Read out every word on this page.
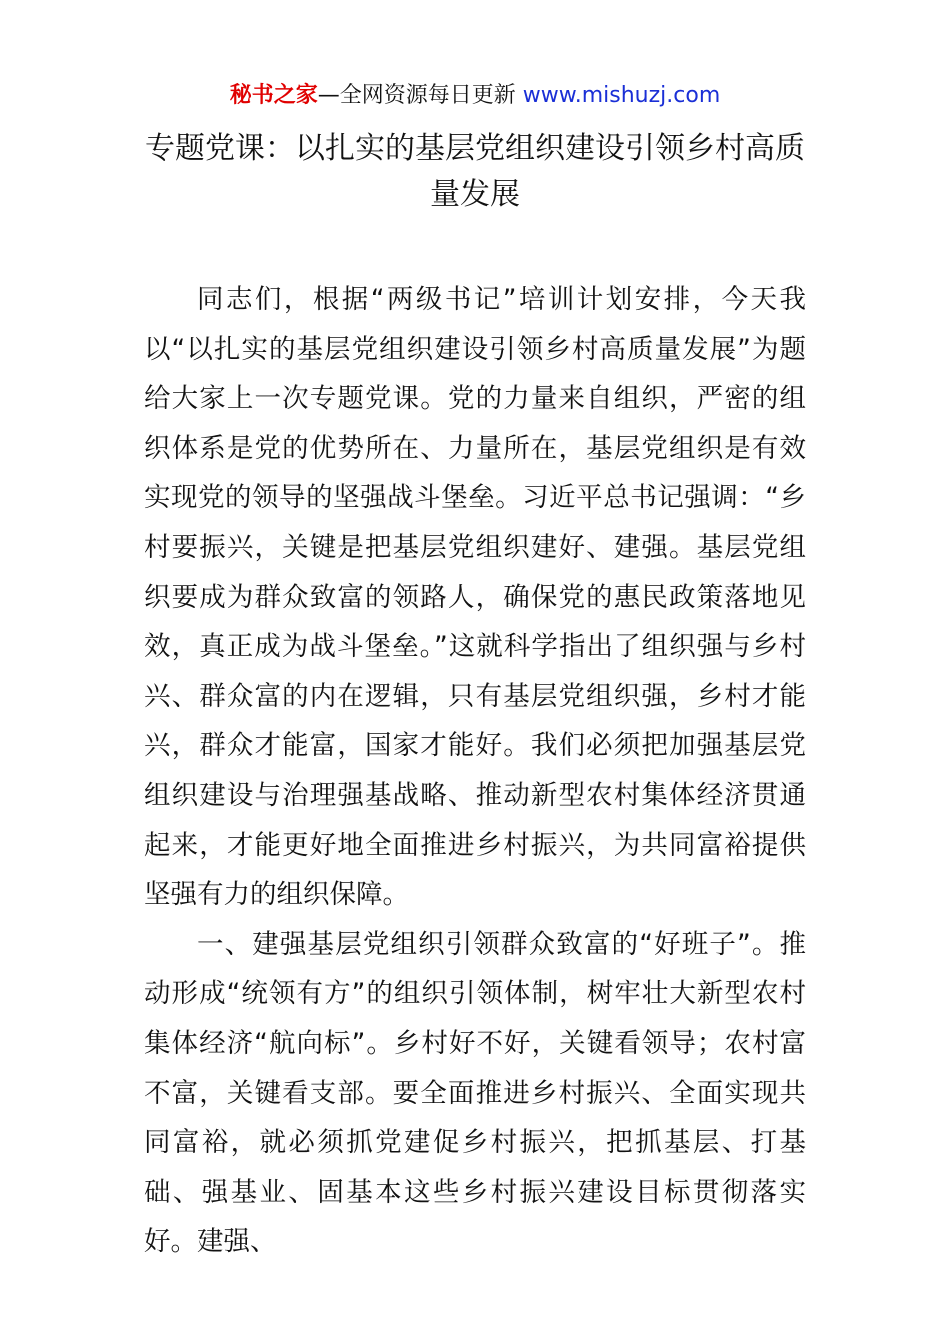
秘书之家—全网资源每日更新 www.mishuzj.com
专题党课：以扎实的基层党组织建设引领乡村高质量发展

同志们，根据“两级书记”培训计划安排，今天我以“以扎实的基层党组织建设引领乡村高质量发展”为题给大家上一次专题党课。党的力量来自组织，严密的组织体系是党的优势所在、力量所在，基层党组织是有效实现党的领导的坚强战斗堡垒。习近平总书记强调：“乡村要振兴，关键是把基层党组织建好、建强。基层党组织要成为群众致富的领路人，确保党的惠民政策落地见效，真正成为战斗堡垒。”这就科学指出了组织强与乡村兴、群众富的内在逻辑，只有基层党组织强，乡村才能兴，群众才能富，国家才能好。我们必须把加强基层党组织建设与治理强基战略、推动新型农村集体经济贯通起来，才能更好地全面推进乡村振兴，为共同富裕提供坚强有力的组织保障。

一、建强基层党组织引领群众致富的“好班子”。推动形成“统领有方”的组织引领体制，树牢壮大新型农村集体经济“航向标”。乡村好不好，关键看领导；农村富不富，关键看支部。要全面推进乡村振兴、全面实现共同富裕，就必须抓党建促乡村振兴，把抓基层、打基础、强基业、固基本这些乡村振兴建设目标贯彻落实好。建强、
